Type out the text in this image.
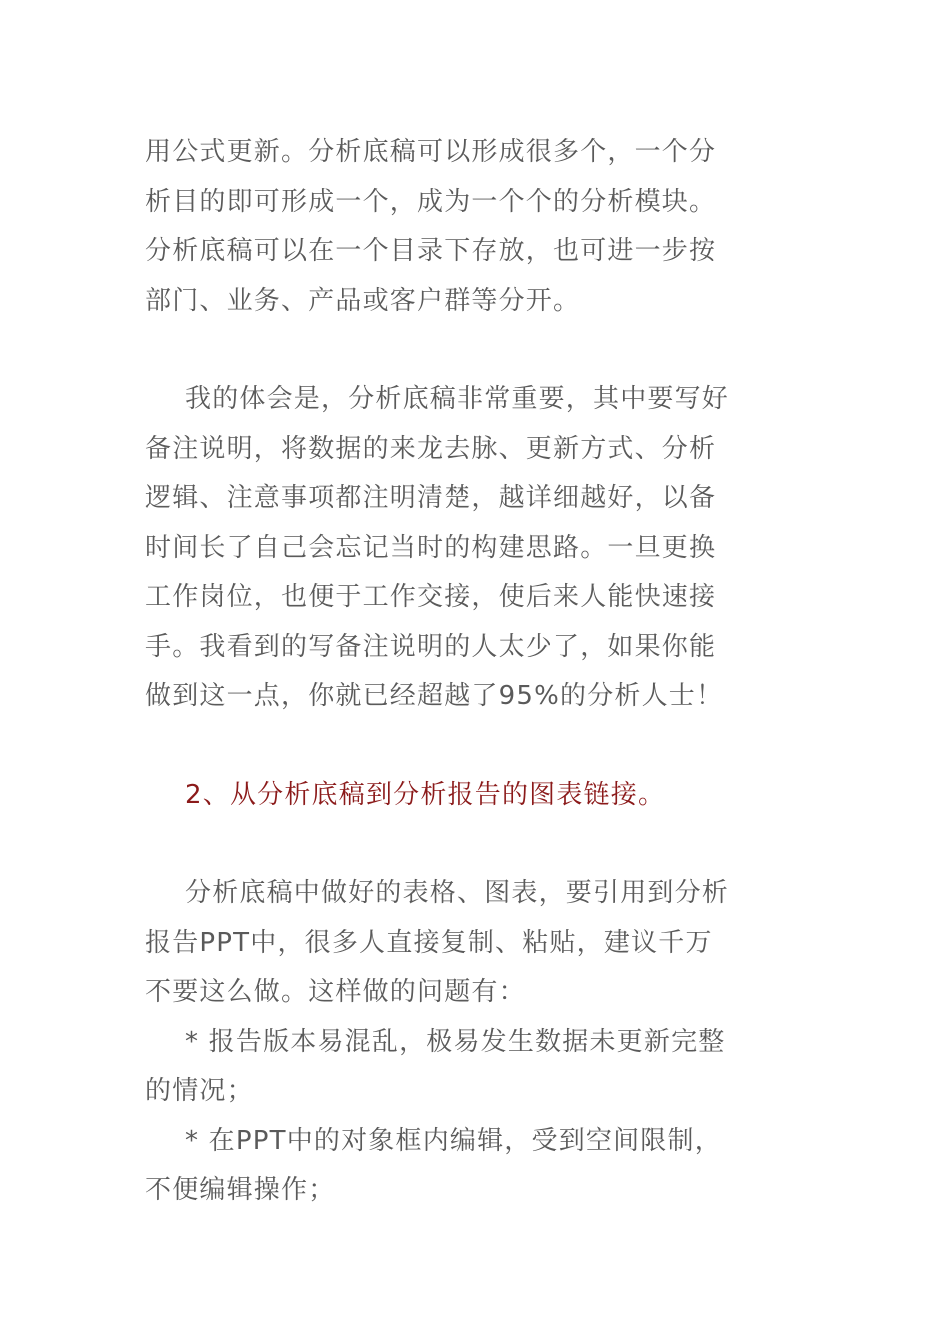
用公式更新。分析底稿可以形成很多个，一个分
析目的即可形成一个，成为一个个的分析模块。
分析底稿可以在一个目录下存放，也可进一步按
部门、业务、产品或客户群等分开。

我的体会是，分析底稿非常重要，其中要写好
备注说明，将数据的来龙去脉、更新方式、分析
逻辑、注意事项都注明清楚，越详细越好，以备
时间长了自己会忘记当时的构建思路。一旦更换
工作岗位，也便于工作交接，使后来人能快速接
手。我看到的写备注说明的人太少了，如果你能
做到这一点，你就已经超越了95%的分析人士！

2、从分析底稿到分析报告的图表链接。

分析底稿中做好的表格、图表，要引用到分析
报告PPT中，很多人直接复制、粘贴，建议千万
不要这么做。这样做的问题有：

* 报告版本易混乱，极易发生数据未更新完整
的情况；

* 在PPT中的对象框内编辑，受到空间限制，
不便编辑操作；
